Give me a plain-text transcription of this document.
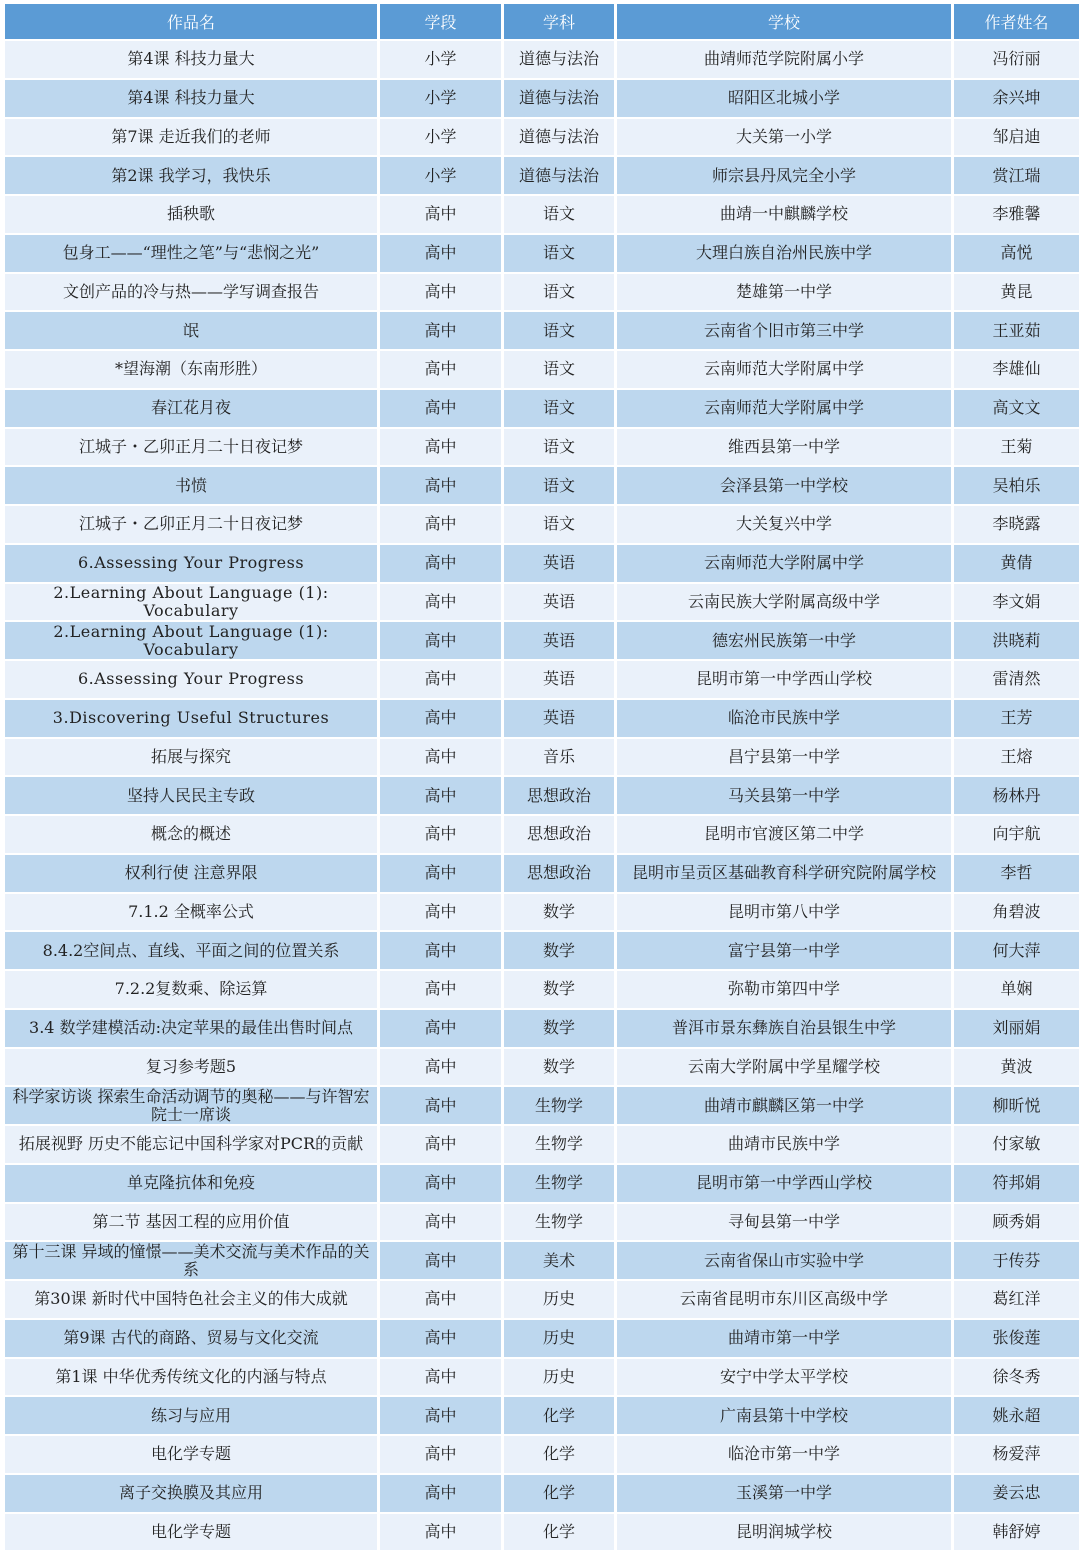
作品名	学段	学科	学校	作者姓名
第4课 科技力量大	小学	道德与法治	曲靖师范学院附属小学	冯衍丽
第4课 科技力量大	小学	道德与法治	昭阳区北城小学	余兴坤
第7课 走近我们的老师	小学	道德与法治	大关第一小学	邹启迪
第2课 我学习，我快乐	小学	道德与法治	师宗县丹凤完全小学	赏江瑞
插秧歌	高中	语文	曲靖一中麒麟学校	李雅馨
包身工——“理性之笔”与“悲悯之光”	高中	语文	大理白族自治州民族中学	高悦
文创产品的冷与热——学写调查报告	高中	语文	楚雄第一中学	黄昆
氓	高中	语文	云南省个旧市第三中学	王亚茹
*望海潮（东南形胜）	高中	语文	云南师范大学附属中学	李雄仙
春江花月夜	高中	语文	云南师范大学附属中学	高文文
江城子・乙卯正月二十日夜记梦	高中	语文	维西县第一中学	王菊
书愤	高中	语文	会泽县第一中学校	吴柏乐
江城子・乙卯正月二十日夜记梦	高中	语文	大关复兴中学	李晓露
6.Assessing Your Progress	高中	英语	云南师范大学附属中学	黄倩
2.Learning About Language (1): Vocabulary	高中	英语	云南民族大学附属高级中学	李文娟
2.Learning About Language (1): Vocabulary	高中	英语	德宏州民族第一中学	洪晓莉
6.Assessing Your Progress	高中	英语	昆明市第一中学西山学校	雷清然
3.Discovering Useful Structures	高中	英语	临沧市民族中学	王芳
拓展与探究	高中	音乐	昌宁县第一中学	王熔
坚持人民民主专政	高中	思想政治	马关县第一中学	杨林丹
概念的概述	高中	思想政治	昆明市官渡区第二中学	向宇航
权利行使 注意界限	高中	思想政治	昆明市呈贡区基础教育科学研究院附属学校	李哲
7.1.2 全概率公式	高中	数学	昆明市第八中学	角碧波
8.4.2空间点、直线、平面之间的位置关系	高中	数学	富宁县第一中学	何大萍
7.2.2复数乘、除运算	高中	数学	弥勒市第四中学	单娴
3.4 数学建模活动:决定苹果的最佳出售时间点	高中	数学	普洱市景东彝族自治县银生中学	刘丽娟
复习参考题5	高中	数学	云南大学附属中学星耀学校	黄波
科学家访谈 探索生命活动调节的奥秘——与许智宏院士一席谈	高中	生物学	曲靖市麒麟区第一中学	柳昕悦
拓展视野 历史不能忘记中国科学家对PCR的贡献	高中	生物学	曲靖市民族中学	付家敏
单克隆抗体和免疫	高中	生物学	昆明市第一中学西山学校	符邦娟
第二节 基因工程的应用价值	高中	生物学	寻甸县第一中学	顾秀娟
第十三课 异域的憧憬——美术交流与美术作品的关系	高中	美术	云南省保山市实验中学	于传芬
第30课 新时代中国特色社会主义的伟大成就	高中	历史	云南省昆明市东川区高级中学	葛红洋
第9课 古代的商路、贸易与文化交流	高中	历史	曲靖市第一中学	张俊莲
第1课 中华优秀传统文化的内涵与特点	高中	历史	安宁中学太平学校	徐冬秀
练习与应用	高中	化学	广南县第十中学校	姚永超
电化学专题	高中	化学	临沧市第一中学	杨爱萍
离子交换膜及其应用	高中	化学	玉溪第一中学	姜云忠
电化学专题	高中	化学	昆明润城学校	韩舒婷
